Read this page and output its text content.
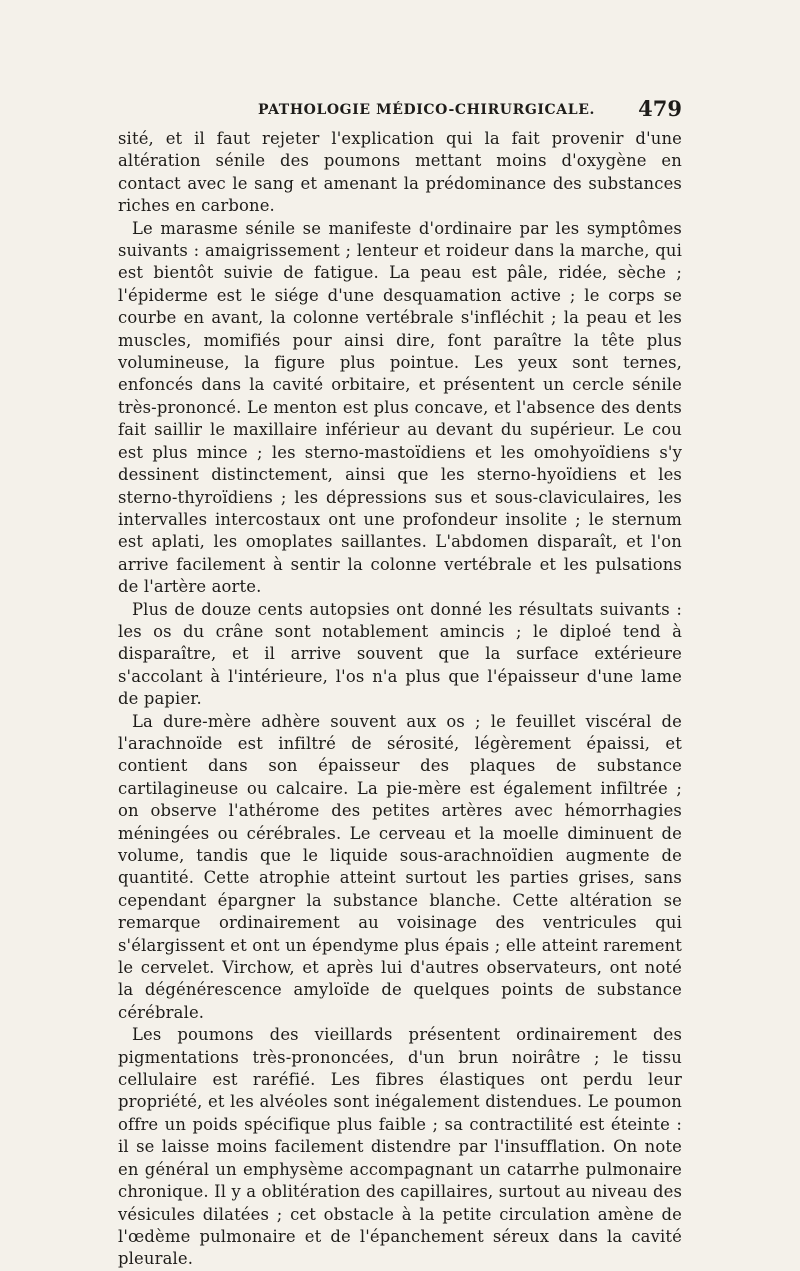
PATHOLOGIE MÉDICO-CHIRURGICALE. 479

sité, et il faut rejeter l'explication qui la fait provenir d'une altération sénile des poumons mettant moins d'oxygène en contact avec le sang et amenant la prédominance des substances riches en carbone.

Le marasme sénile se manifeste d'ordinaire par les symptômes suivants : amaigrissement ; lenteur et roideur dans la marche, qui est bientôt suivie de fatigue. La peau est pâle, ridée, sèche ; l'épiderme est le siége d'une desquamation active ; le corps se courbe en avant, la colonne vertébrale s'infléchit ; la peau et les muscles, momifiés pour ainsi dire, font paraître la tête plus volumineuse, la figure plus pointue. Les yeux sont ternes, enfoncés dans la cavité orbitaire, et présentent un cercle sénile très-prononcé. Le menton est plus concave, et l'absence des dents fait saillir le maxillaire inférieur au devant du supérieur. Le cou est plus mince ; les sterno-mastoïdiens et les omohyoïdiens s'y dessinent distinctement, ainsi que les sterno-hyoïdiens et les sterno-thyroïdiens ; les dépressions sus et sous-claviculaires, les intervalles intercostaux ont une profondeur insolite ; le sternum est aplati, les omoplates saillantes. L'abdomen disparaît, et l'on arrive facilement à sentir la colonne vertébrale et les pulsations de l'artère aorte.

Plus de douze cents autopsies ont donné les résultats suivants : les os du crâne sont notablement amincis ; le diploé tend à disparaître, et il arrive souvent que la surface extérieure s'accolant à l'intérieure, l'os n'a plus que l'épaisseur d'une lame de papier.

La dure-mère adhère souvent aux os ; le feuillet viscéral de l'arachnoïde est infiltré de sérosité, légèrement épaissi, et contient dans son épaisseur des plaques de substance cartilagineuse ou calcaire. La pie-mère est également infiltrée ; on observe l'athérome des petites artères avec hémorrhagies méningées ou cérébrales. Le cerveau et la moelle diminuent de volume, tandis que le liquide sous-arachnoïdien augmente de quantité. Cette atrophie atteint surtout les parties grises, sans cependant épargner la substance blanche. Cette altération se remarque ordinairement au voisinage des ventricules qui s'élargissent et ont un épendyme plus épais ; elle atteint rarement le cervelet. Virchow, et après lui d'autres observateurs, ont noté la dégénérescence amyloïde de quelques points de substance cérébrale.

Les poumons des vieillards présentent ordinairement des pigmentations très-prononcées, d'un brun noirâtre ; le tissu cellulaire est raréfié. Les fibres élastiques ont perdu leur propriété, et les alvéoles sont inégalement distendues. Le poumon offre un poids spécifique plus faible ; sa contractilité est éteinte : il se laisse moins facilement distendre par l'insufflation. On note en général un emphysème accompagnant un catarrhe pulmonaire chronique. Il y a oblitération des capillaires, surtout au niveau des vésicules dilatées ; cet obstacle à la petite circulation amène de l'œdème pulmonaire et de l'épanchement séreux dans la cavité pleurale.
